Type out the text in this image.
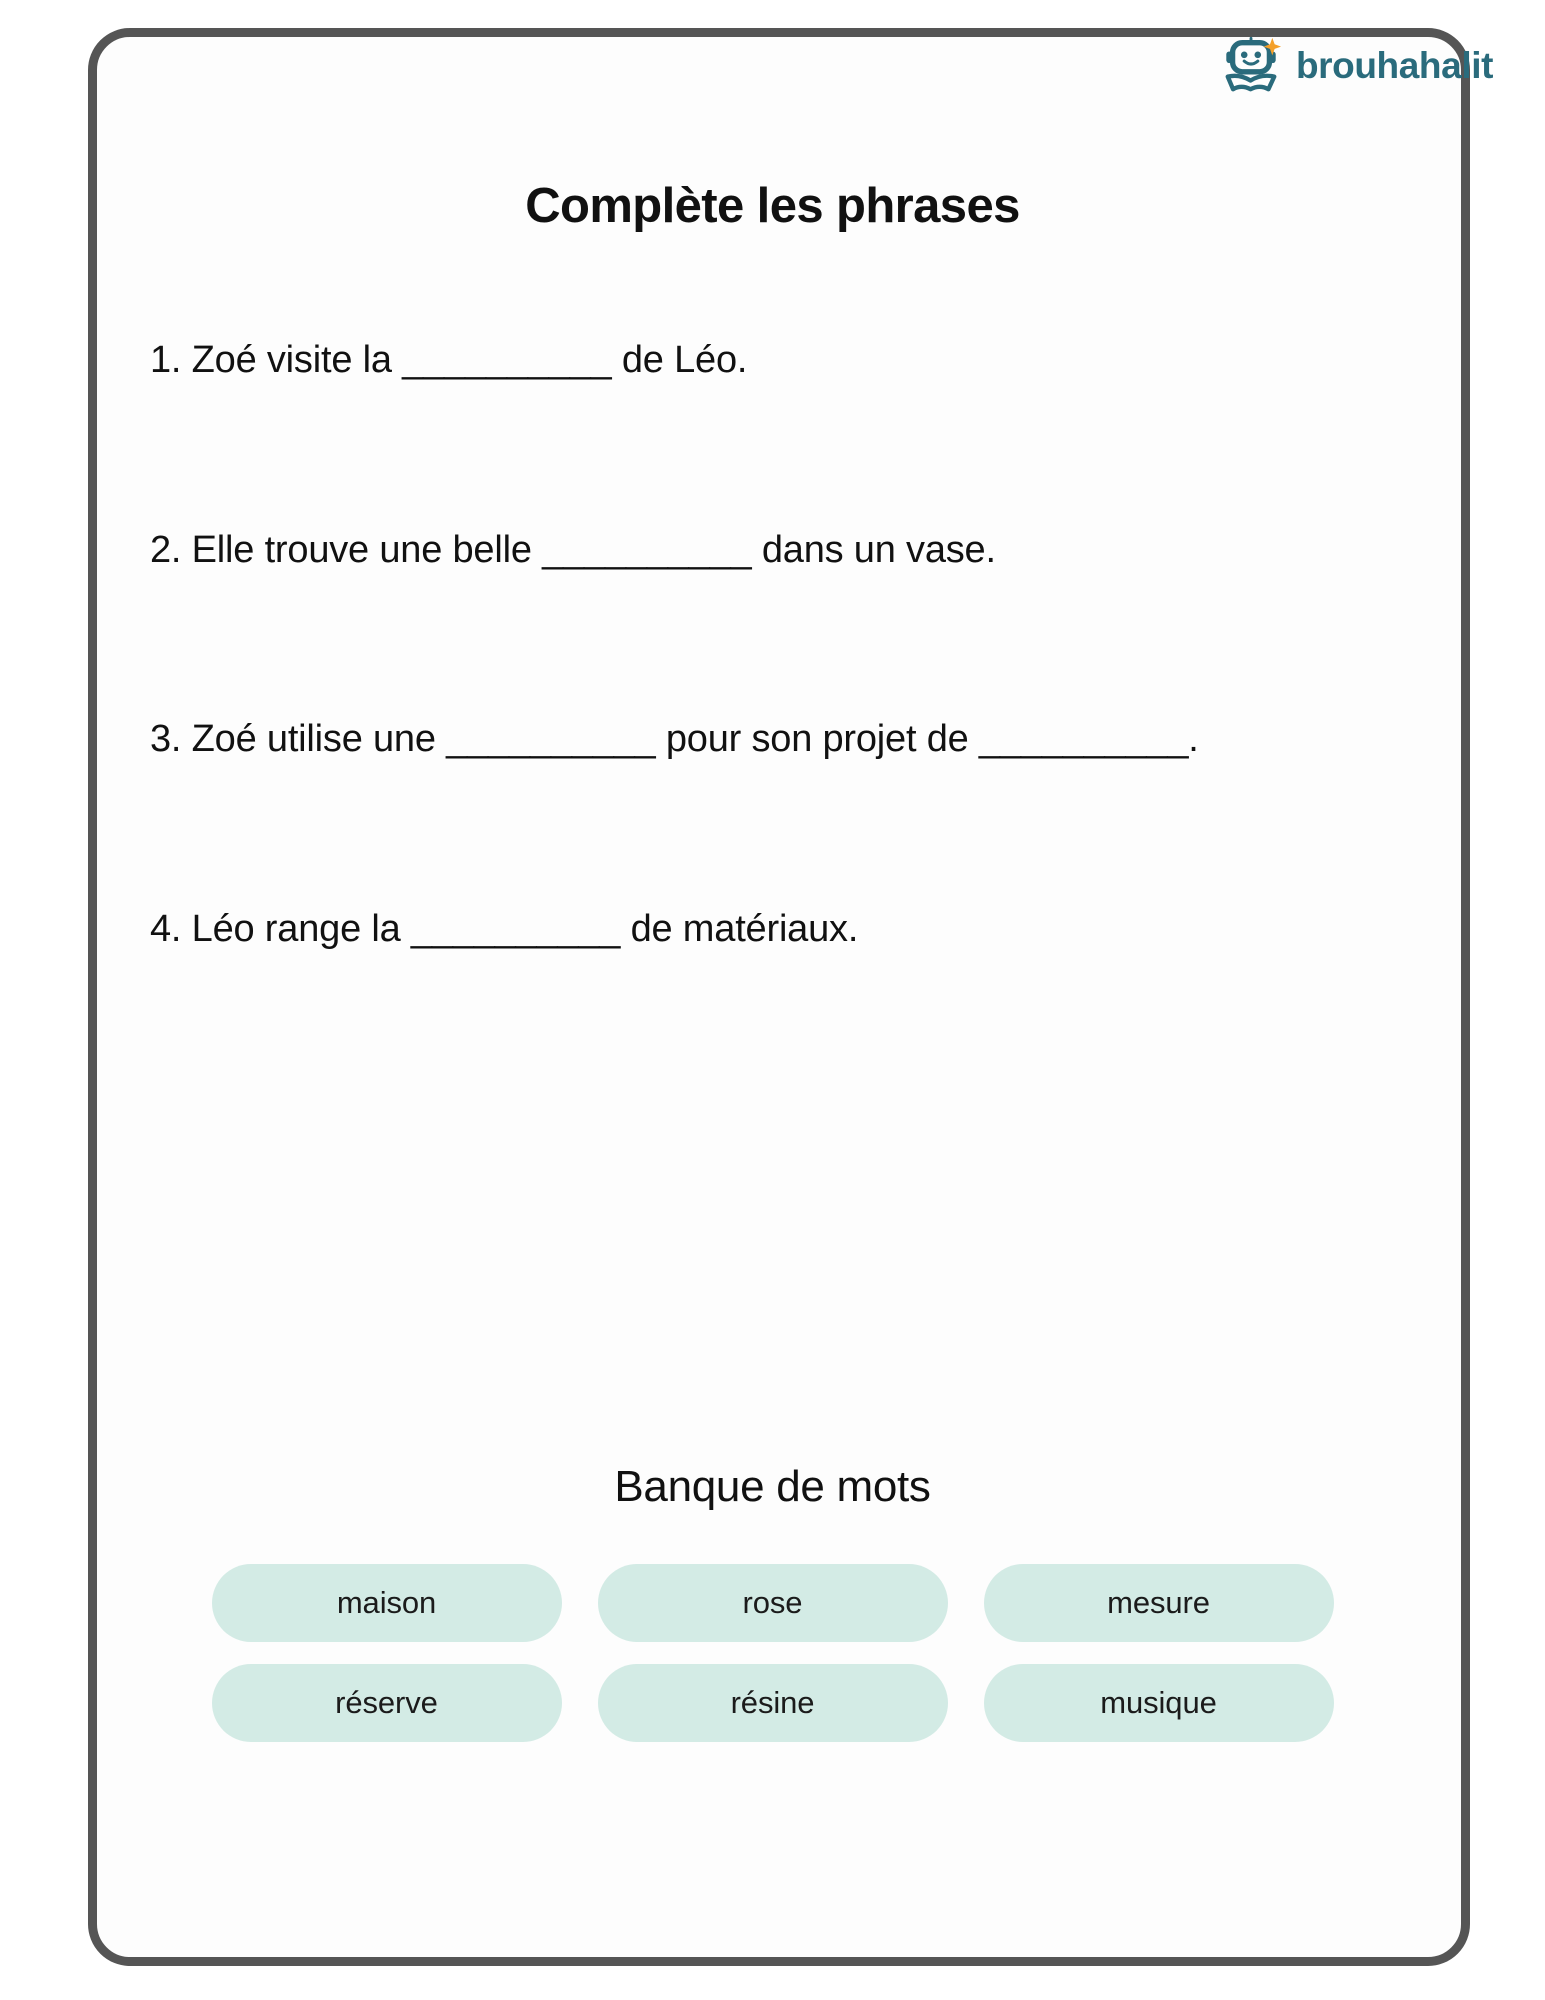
brouhahalit
Complète les phrases
1. Zoé visite la __________ de Léo.
2. Elle trouve une belle __________ dans un vase.
3. Zoé utilise une __________ pour son projet de __________.
4. Léo range la __________ de matériaux.
Banque de mots
maison	rose	mesure
réserve	résine	musique
